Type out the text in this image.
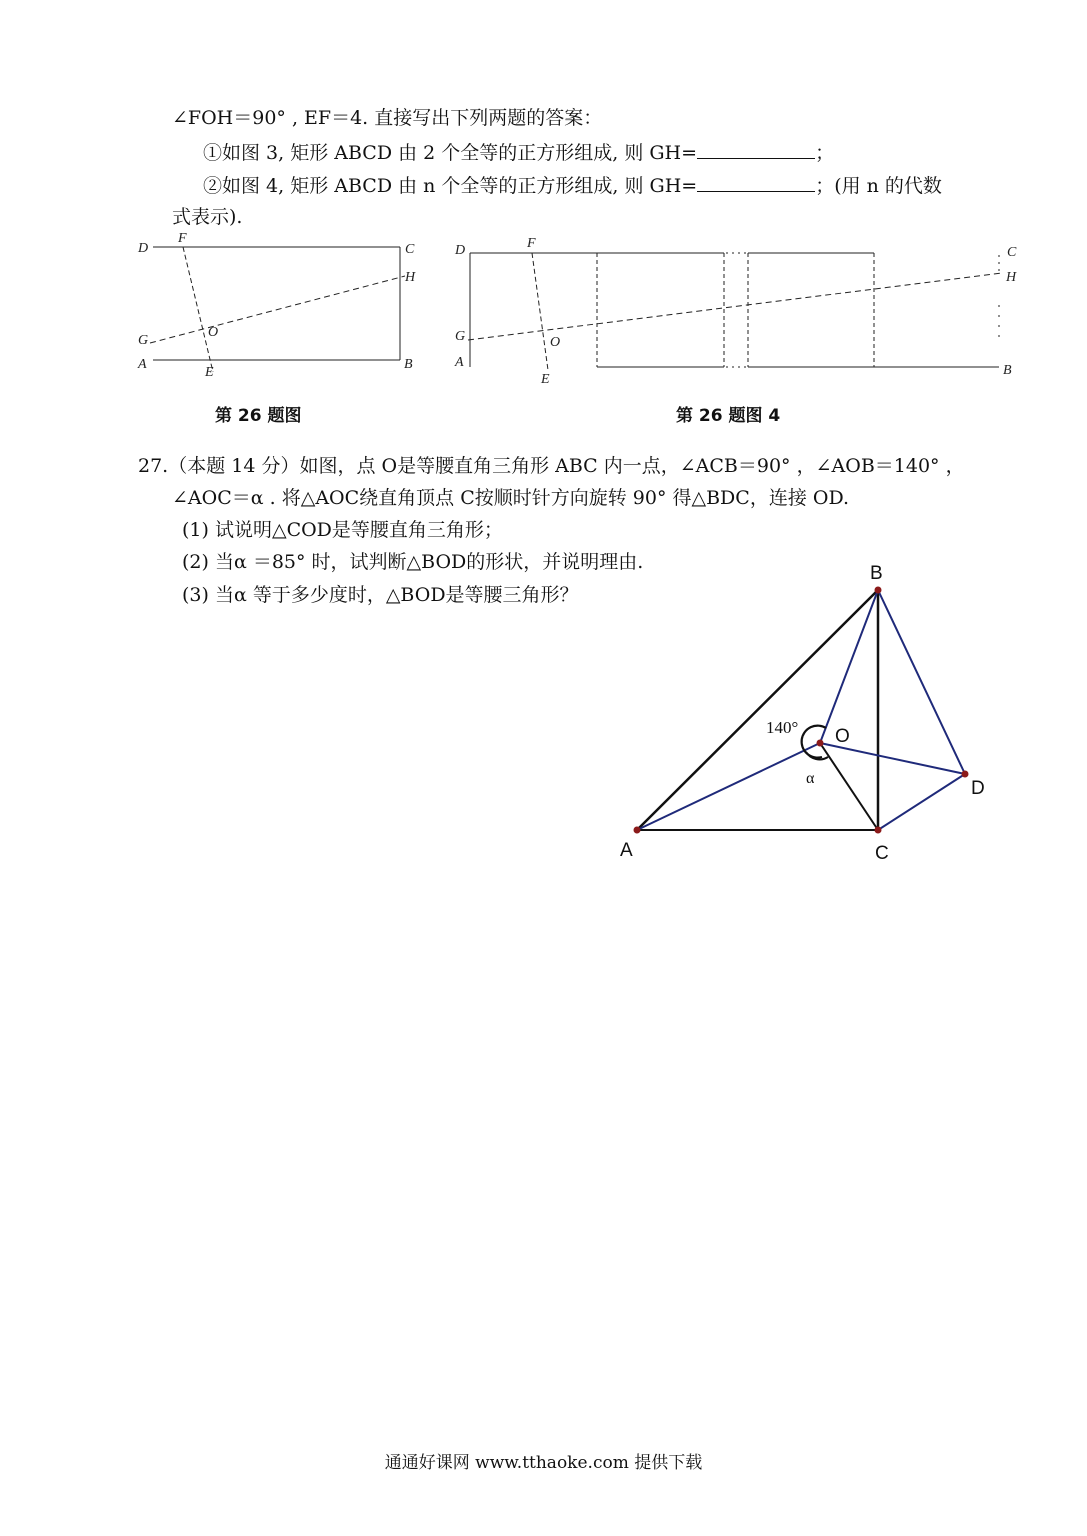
∠FOH＝90° , EF＝4. 直接写出下列两题的答案：
①如图 3, 矩形 ABCD 由 2 个全等的正方形组成, 则 GH=	；
②如图 4, 矩形 ABCD 由 n 个全等的正方形组成, 则 GH=	；(用 n 的代数
式表示).
D
F
C
H
G
O
A
E
B
第 26 题图
D	F
C
H
G	O
A
E
B
第 26 题图 4
27.（本题 14 分）如图，点 O是等腰直角三角形 ABC 内一点，∠ACB＝90° ，∠AOB＝140° ，
∠AOC＝α . 将△AOC绕直角顶点 C按顺时针方向旋转 90° 得△BDC，连接 OD.
(1) 试说明△COD是等腰直角三角形；
(2) 当α ＝85° 时，试判断△BOD的形状，并说明理由.
(3) 当α 等于多少度时，△BOD是等腰三角形？
A
B
C
D
O
140°
α
通通好课网 www.tthaoke.com 提供下载
